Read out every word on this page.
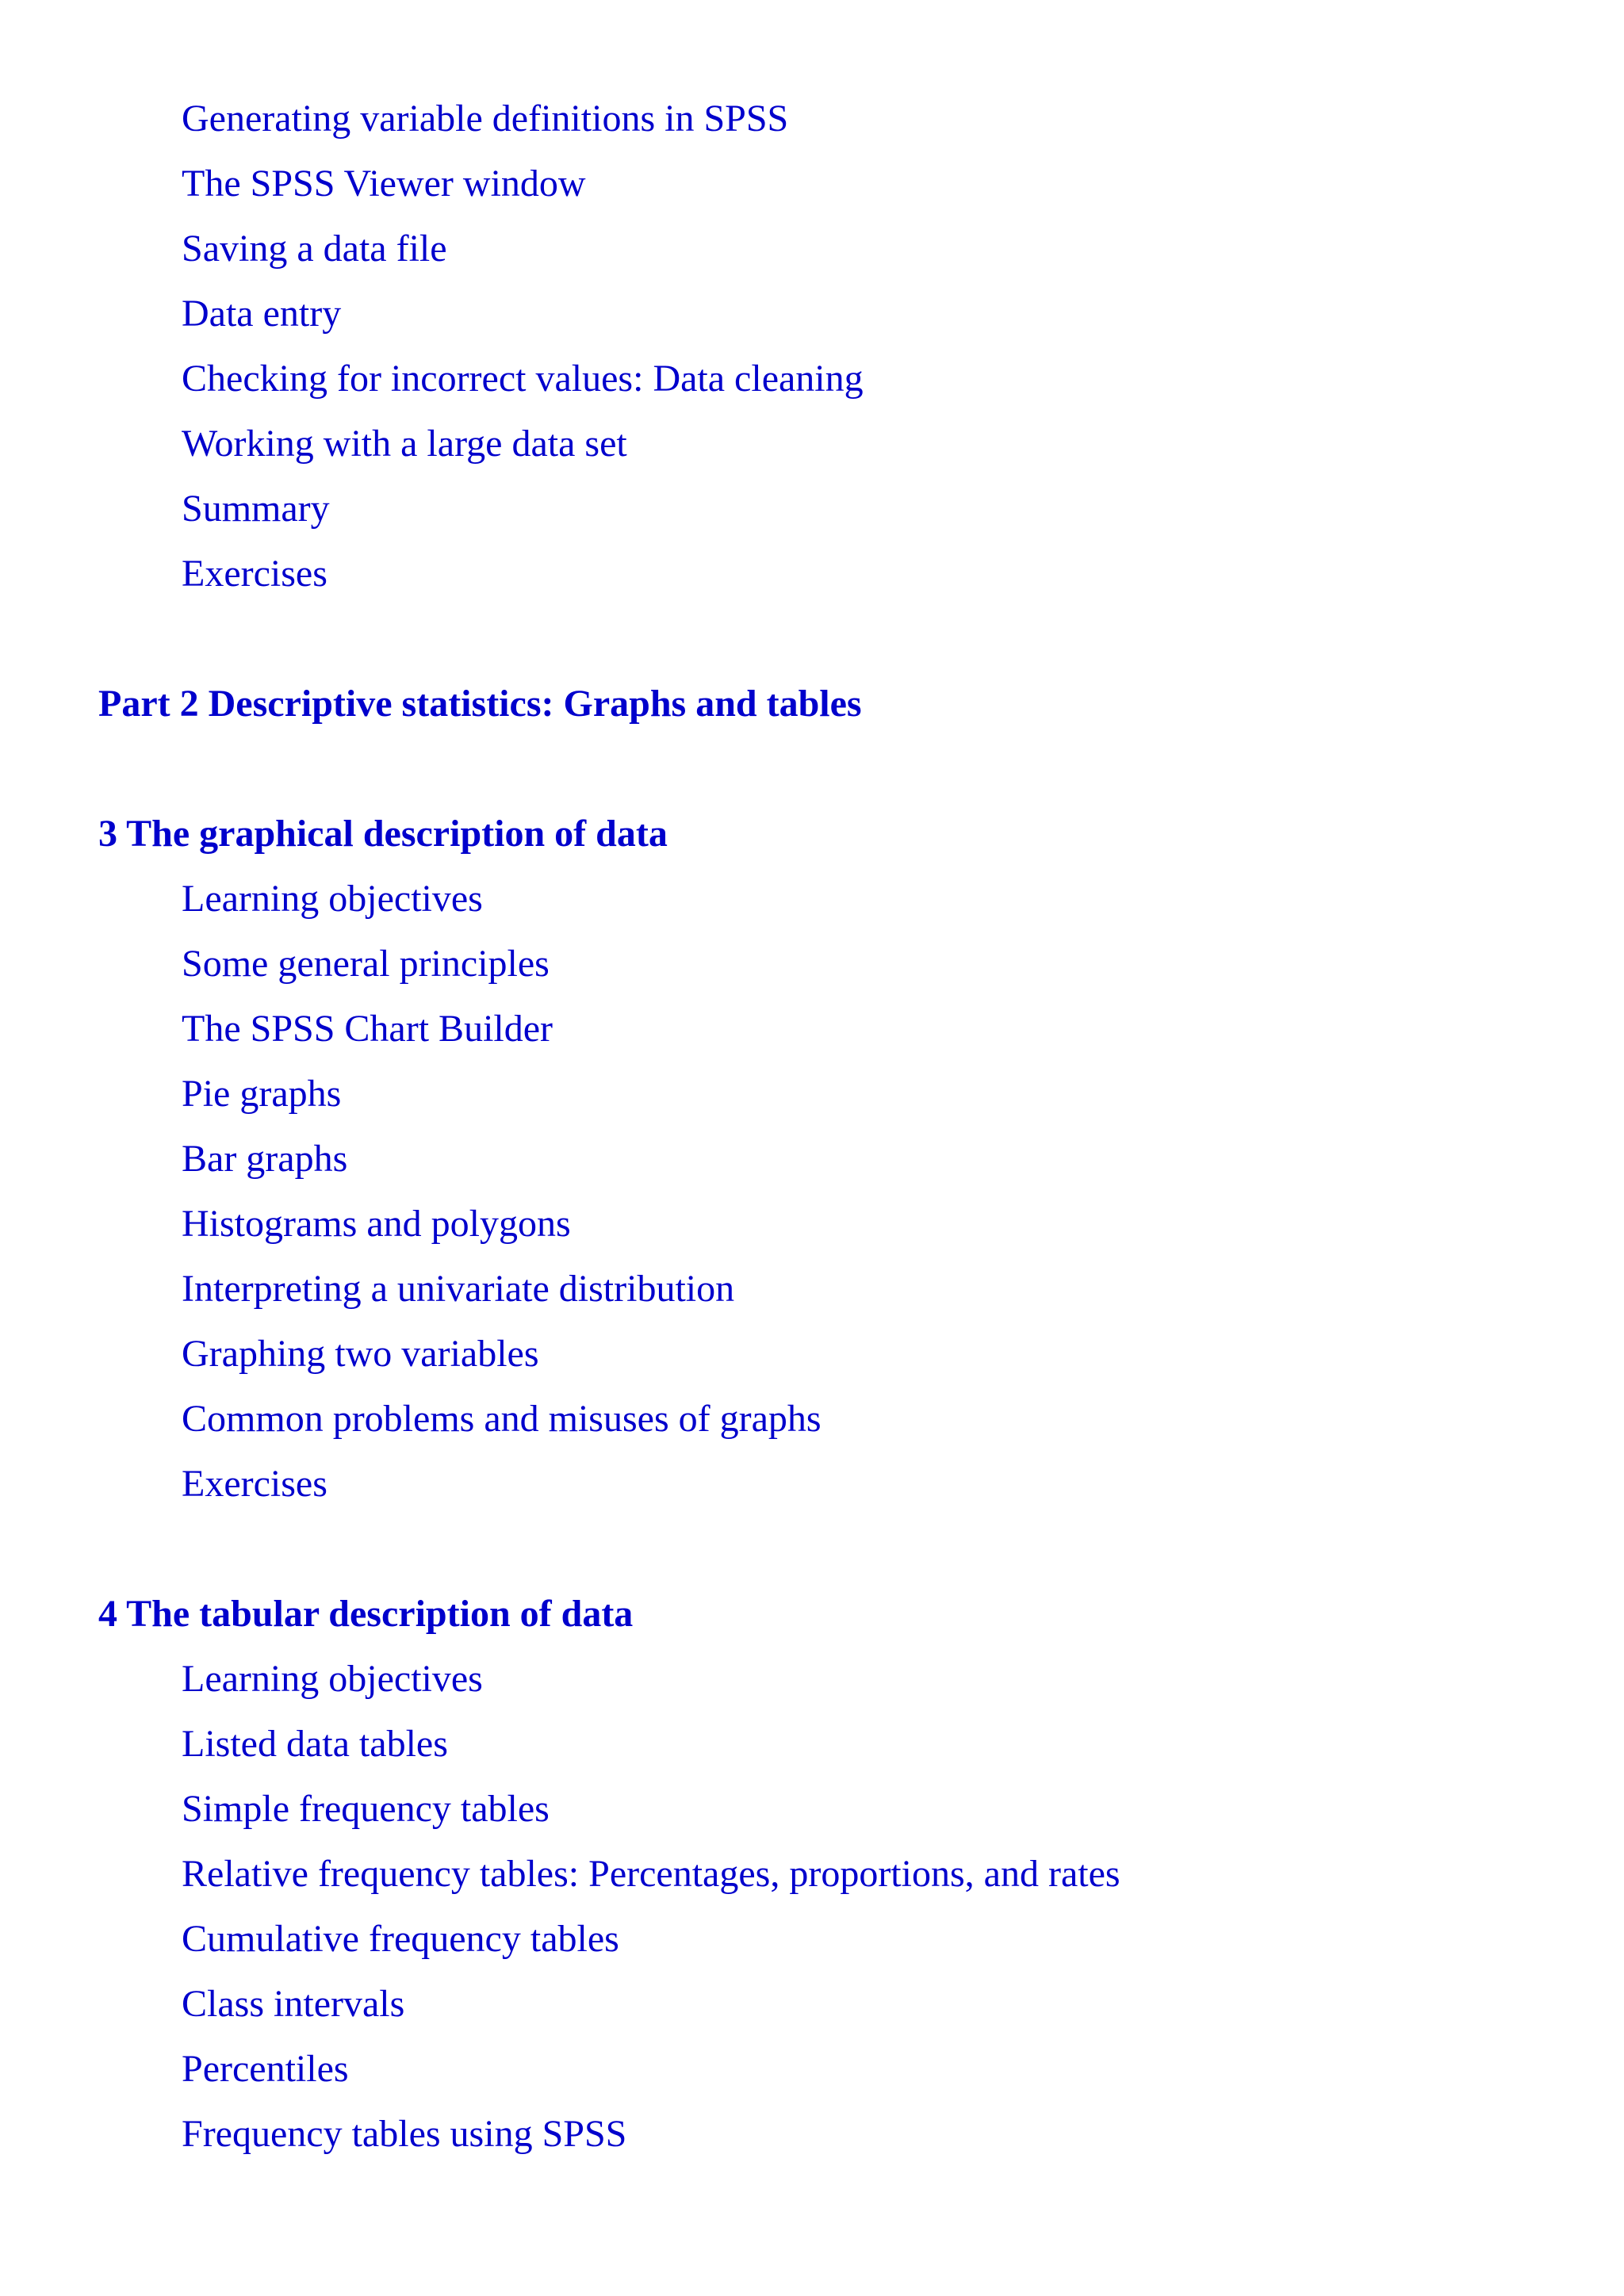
Generating variable definitions in SPSS
The SPSS Viewer window
Saving a data file
Data entry
Checking for incorrect values: Data cleaning
Working with a large data set
Summary
Exercises
Part 2 Descriptive statistics: Graphs and tables
3 The graphical description of data
Learning objectives
Some general principles
The SPSS Chart Builder
Pie graphs
Bar graphs
Histograms and polygons
Interpreting a univariate distribution
Graphing two variables
Common problems and misuses of graphs
Exercises
4 The tabular description of data
Learning objectives
Listed data tables
Simple frequency tables
Relative frequency tables: Percentages, proportions, and rates
Cumulative frequency tables
Class intervals
Percentiles
Frequency tables using SPSS
